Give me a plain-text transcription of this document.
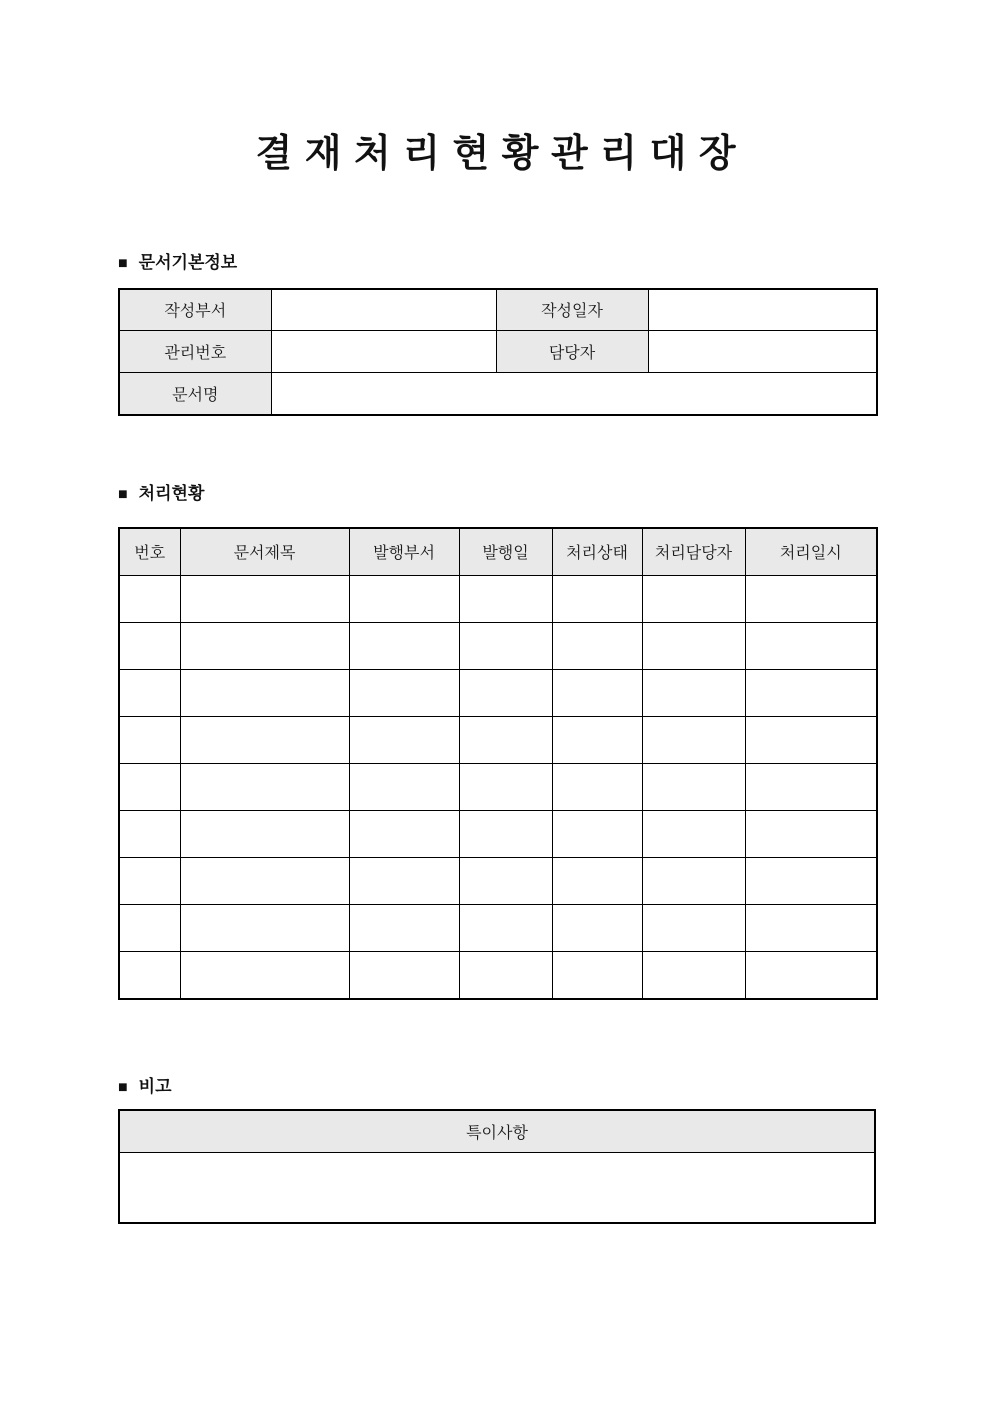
결 재 처 리 현 황 관 리 대 장
■ 문서기본정보
작성부서		작성일자	
관리번호		담당자	
문서명			
■ 처리현황
번호	문서제목	발행부서	발행일	처리상태	처리담당자	처리일시

■ 비고
특이사항
